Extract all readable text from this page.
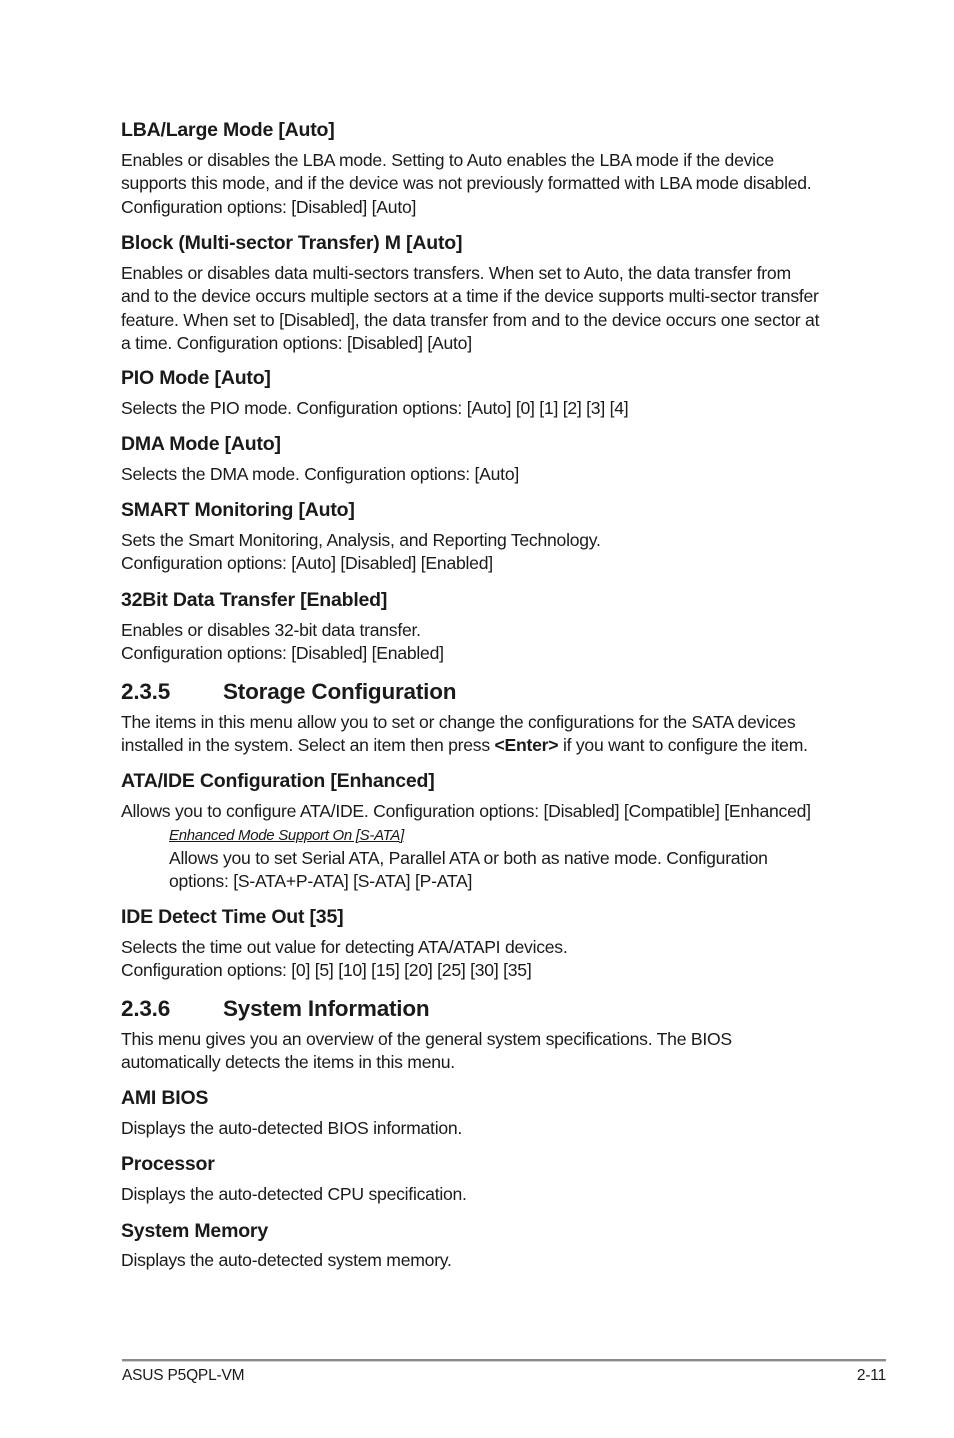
LBA/Large Mode [Auto]
Enables or disables the LBA mode. Setting to Auto enables the LBA mode if the device
supports this mode, and if the device was not previously formatted with LBA mode disabled.
Configuration options: [Disabled] [Auto]
Block (Multi-sector Transfer) M [Auto]
Enables or disables data multi-sectors transfers. When set to Auto, the data transfer from
and to the device occurs multiple sectors at a time if the device supports multi-sector transfer
feature. When set to [Disabled], the data transfer from and to the device occurs one sector at
a time. Configuration options: [Disabled] [Auto]
PIO Mode [Auto]
Selects the PIO mode. Configuration options: [Auto] [0] [1] [2] [3] [4]
DMA Mode [Auto]
Selects the DMA mode. Configuration options: [Auto]
SMART Monitoring [Auto]
Sets the Smart Monitoring, Analysis, and Reporting Technology.
Configuration options: [Auto] [Disabled] [Enabled]
32Bit Data Transfer [Enabled]
Enables or disables 32-bit data transfer.
Configuration options: [Disabled] [Enabled]
2.3.5 Storage Configuration
The items in this menu allow you to set or change the configurations for the SATA devices
installed in the system. Select an item then press <Enter> if you want to configure the item.
ATA/IDE Configuration [Enhanced]
Allows you to configure ATA/IDE. Configuration options: [Disabled] [Compatible] [Enhanced]
Enhanced Mode Support On [S-ATA]
Allows you to set Serial ATA, Parallel ATA or both as native mode. Configuration
options: [S-ATA+P-ATA] [S-ATA] [P-ATA]
IDE Detect Time Out [35]
Selects the time out value for detecting ATA/ATAPI devices.
Configuration options: [0] [5] [10] [15] [20] [25] [30] [35]
2.3.6 System Information
This menu gives you an overview of the general system specifications. The BIOS
automatically detects the items in this menu.
AMI BIOS
Displays the auto-detected BIOS information.
Processor
Displays the auto-detected CPU specification.
System Memory
Displays the auto-detected system memory.
ASUS P5QPL-VM	2-11
